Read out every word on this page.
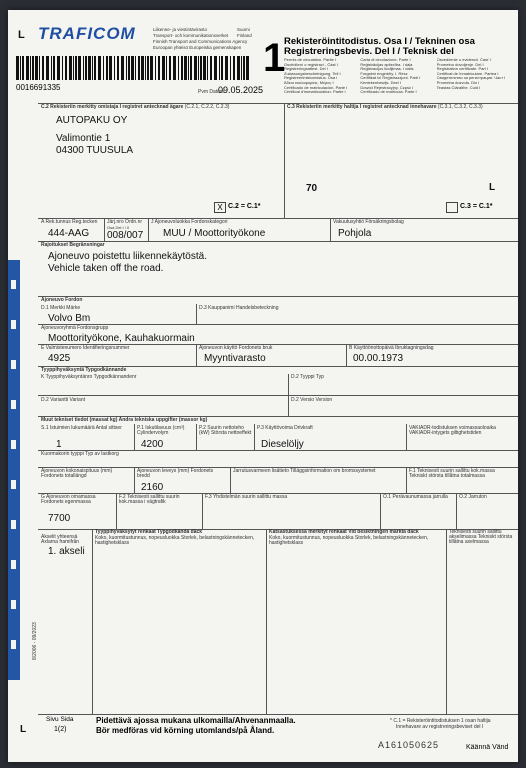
L TRAFICOM	Liikenne- ja viestintävirasto
Transport- och kommunikationsverket
Finnish Transport and Communications Agency
Suomi
Finland
Euroopan yhteisö Europeiska gemenskapen
0016691335	Pvm Datum
09.05.2025
1
Rekisteröintitodistus. Osa I / Tekninen osa
Registreringsbevis. Del I / Teknisk del
Permis de circulation. Partie I
Osvědčení o registraci - Část I
Registreringsattest. Del I
Zulassungsbescheinigung. Teil I
Registreerimistunnistus. Osa I
Άδεια κυκλοφορίας. Μέρος I
Certificado de matriculación. Parte I
Certificat d'immatriculation. Partie I
Carta di circolazione. Parte I
Reģistrācijas apliecība. I daļa
Registracijos liudijimas. I dalis
Forgalmi engedély. I. Rész
Certifikat ta' Reġistrazzjoni. Parti I
Kentekenbewijs. Deel I
Dowód Rejestracyjny. Część I
Certificado de matrícula. Parte I
Osvedčenie o evidencii. Časť I
Prometno dovoljenje. Del I
Registration certificate. Part I
Certificat de înmatriculare. Partea I
Свидетелство за регистрация. Част I
Prometna dozvola. Dio I
Teastas Cláraithe. Cuid I
C.2 Rekisteriin merkitty omistaja I registret antecknad ägare (C.2.1, C.2.2, C.2.3)
AUTOPAKU OY
Valimontie 1
04300 TUUSULA
X C.2 = C.1*
C.3 Rekisteriin merkitty haltija I registret antecknad innehavare (C.3.1, C.3.2, C.3.3)
70	L
C.3 = C.1*
A Rek.tunnus Reg.tecken
444-AAG
Järj.nro Ordn.nr
Osa Del I / II
008/007
J Ajoneuvoluokka Fordonskategori
MUU / Moottorityökone
Vakuutusyhtiö Försäkringsbolag
Pohjola
Rajoitukset Begränsningar
Ajoneuvo poistettu liikennekäytöstä.
Vehicle taken off the road.
Ajoneuvo Fordon
D.1 Merkki Märke
Volvo Bm
D.3 Kauppanimi Handelsbeteckning
Ajoneuvoryhmä Fordonsgrupp
Moottorityökone, Kauhakuormain
E Valmistenumero Identifieringsnummer
4925
Ajoneuvon käyttö Fordonets bruk
Myyntivarasto
B Käyttöönottopäivä Ibruktagningsdag
00.00.1973
Tyyppihyväksyntä Typgodkännande
K Tyyppihyväksyntänro Typgodkännandenr	D.2 Tyyppi Typ
D.2 Variantti Variant	D.2 Versio Version
Muut tekniset tiedot (massat kg) Andra tekniska uppgifter (massor kg)
S.1 Istuimien lukumäärä Antal sittser
1
P.1 Iskutilavuus (cm³) Cylindervolym
4200
P.2 Suurin nettoteho (kW) Största nettoeffekt
P.3 Käyttövoima Drivkraft
Dieselöljy
VAKIADR-todistuksen voimassaoloaika
VAKIADR-intygets giltighetstiden
Kuormakorin tyyppi Typ av lastkorg
Ajoneuvon kokonaispituus (mm) Fordonets totallängd
Ajoneuvon leveys (mm) Fordonets bredd
2160
Jarrutusvarmeen lisätieto Tilläggsinformation om bromssystemet	F.1 Teknisesti suurin sallittu kok.massa Tekniskt största tillåtna totalmassa
G Ajoneuvon omamassa Fordonets egenmassa
7700
F.2 Teknisesti sallittu suurin kok.massa i vägtrafik
F.3 Yhdistelmän suurin sallittu massa	O.1 Perävaunumassa jarrulla	O.2 Jarruton
Akselit yhteensä Axlarna framifrån
1. akseli
Tyyppihyväksytyt renkaat Typgodkända däck
Koko, kuormitustunnus, nopeusluokka Storlek, belastningskännetecken, hastighetsklass
Katsastuksessa merkityt renkaat Vid besiktningen märkta däck
Koko, kuormitustunnus, nopeusluokka Storlek, belastningskännetecken, hastighetsklass
Teknisesti suurin sallittu akselimassa Tekniskt största tillåtna axelmassa
8/2006 - 09/2023
L
Sivu Sida
1(2)
Pidettävä ajossa mukana ulkomailla/Ahvenanmaalla.
Bör medföras vid körning utomlands/på Åland.
* C.1 = Rekisteröintitodistuksen 1 osan haltija
Innehavare av registreringsbeviset del I
A161050625	Käännä Vänd
